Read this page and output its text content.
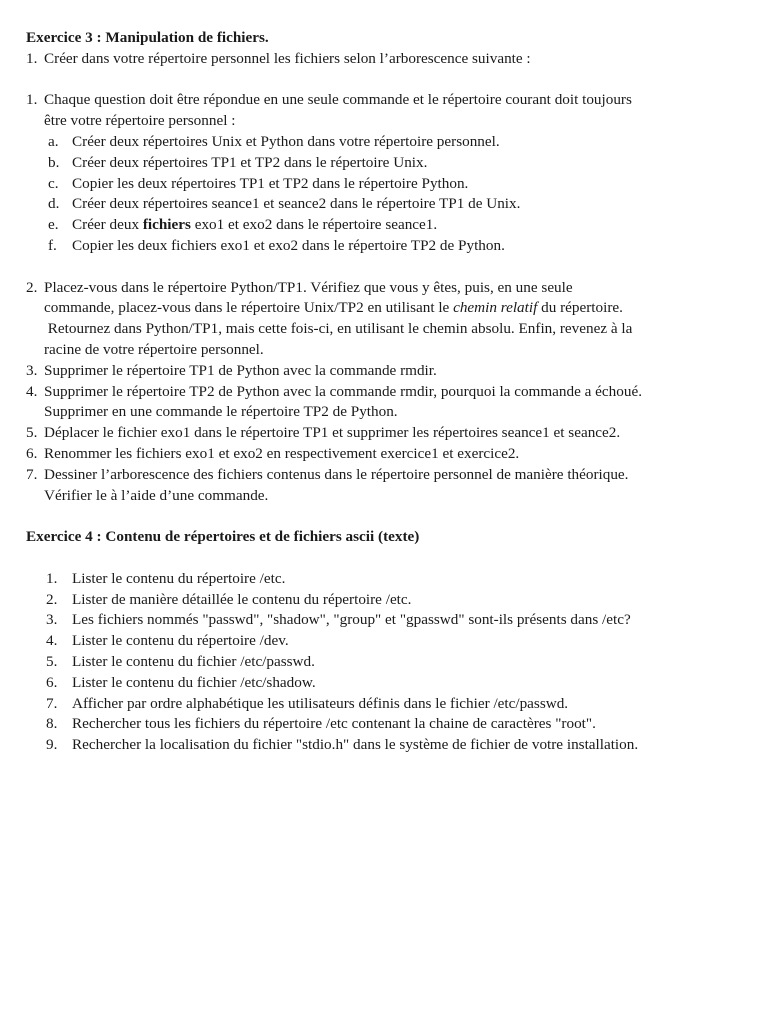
Exercice 3 : Manipulation de fichiers.
1. Créer dans votre répertoire personnel les fichiers selon l’arborescence suivante :
1. Chaque question doit être répondue en une seule commande et le répertoire courant doit toujours
être votre répertoire personnel :
a. Créer deux répertoires Unix et Python dans votre répertoire personnel.
b. Créer deux répertoires TP1 et TP2 dans le répertoire Unix.
c. Copier les deux répertoires TP1 et TP2 dans le répertoire Python.
d. Créer deux répertoires seance1 et seance2 dans le répertoire TP1 de Unix.
e. Créer deux fichiers exo1 et exo2 dans le répertoire seance1.
f. Copier les deux fichiers exo1 et exo2 dans le répertoire TP2 de Python.
2. Placez-vous dans le répertoire Python/TP1. Vérifiez que vous y êtes, puis, en une seule
commande, placez-vous dans le répertoire Unix/TP2 en utilisant le chemin relatif du répertoire.
Retournez dans Python/TP1, mais cette fois-ci, en utilisant le chemin absolu. Enfin, revenez à la
racine de votre répertoire personnel.
3. Supprimer le répertoire TP1 de Python avec la commande rmdir.
4. Supprimer le répertoire TP2 de Python avec la commande rmdir, pourquoi la commande a échoué.
Supprimer en une commande le répertoire TP2 de Python.
5. Déplacer le fichier exo1 dans le répertoire TP1 et supprimer les répertoires seance1 et seance2.
6. Renommer les fichiers exo1 et exo2 en respectivement exercice1 et exercice2.
7. Dessiner l’arborescence des fichiers contenus dans le répertoire personnel de manière théorique.
Vérifier le à l’aide d’une commande.
Exercice 4 : Contenu de répertoires et de fichiers ascii (texte)
1. Lister le contenu du répertoire /etc.
2. Lister de manière détaillée le contenu du répertoire /etc.
3. Les fichiers nommés "passwd", "shadow", "group" et "gpasswd" sont-ils présents dans /etc?
4. Lister le contenu du répertoire /dev.
5. Lister le contenu du fichier /etc/passwd.
6. Lister le contenu du fichier /etc/shadow.
7. Afficher par ordre alphabétique les utilisateurs définis dans le fichier /etc/passwd.
8. Rechercher tous les fichiers du répertoire /etc contenant la chaine de caractères "root".
9. Rechercher la localisation du fichier "stdio.h" dans le système de fichier de votre installation.
